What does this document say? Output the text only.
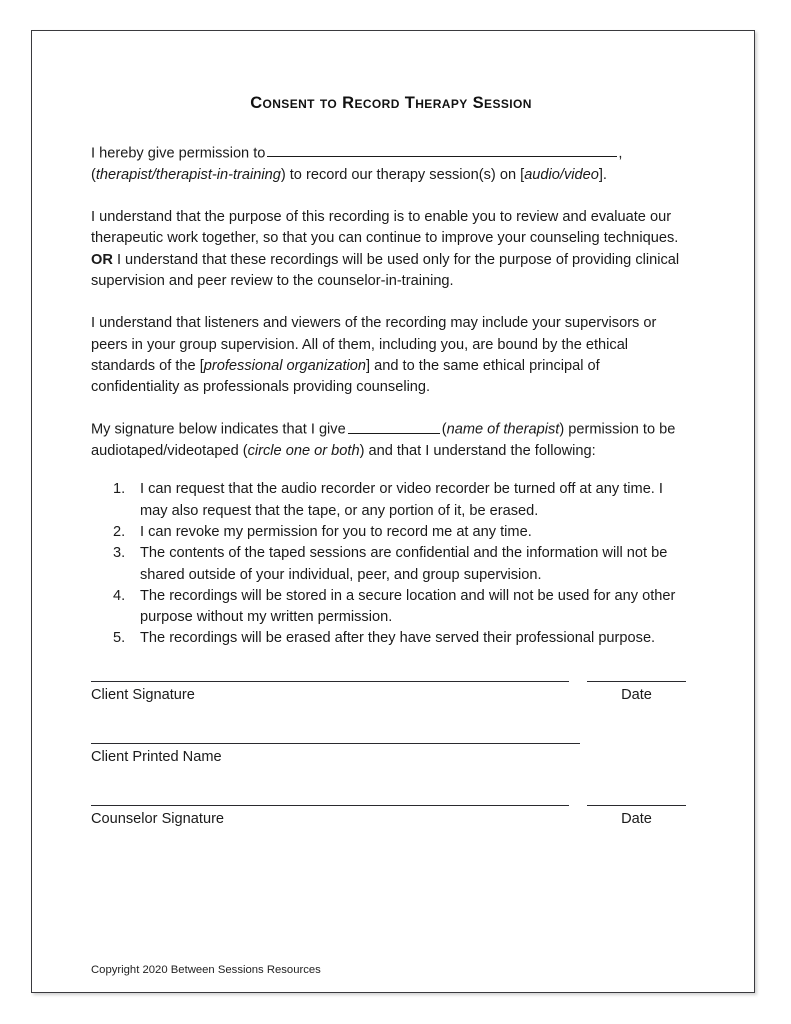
Consent to Record Therapy Session

I hereby give permission to	,
(therapist/therapist-in-training) to record our therapy session(s) on [audio/video].

I understand that the purpose of this recording is to enable you to review and evaluate our therapeutic work together, so that you can continue to improve your counseling techniques. OR I understand that these recordings will be used only for the purpose of providing clinical supervision and peer review to the counselor-in-training.

I understand that listeners and viewers of the recording may include your supervisors or peers in your group supervision. All of them, including you, are bound by the ethical standards of the [professional organization] and to the same ethical principal of confidentiality as professionals providing counseling.

My signature below indicates that I give	(name of therapist) permission to be audiotaped/videotaped (circle one or both) and that I understand the following:

1.	I can request that the audio recorder or video recorder be turned off at any time. I may also request that the tape, or any portion of it, be erased.
2.	I can revoke my permission for you to record me at any time.
3.	The contents of the taped sessions are confidential and the information will not be shared outside of your individual, peer, and group supervision.
4.	The recordings will be stored in a secure location and will not be used for any other purpose without my written permission.
5.	The recordings will be erased after they have served their professional purpose.
Client Signature	Date
Client Printed Name
Counselor Signature	Date
Copyright 2020 Between Sessions Resources
